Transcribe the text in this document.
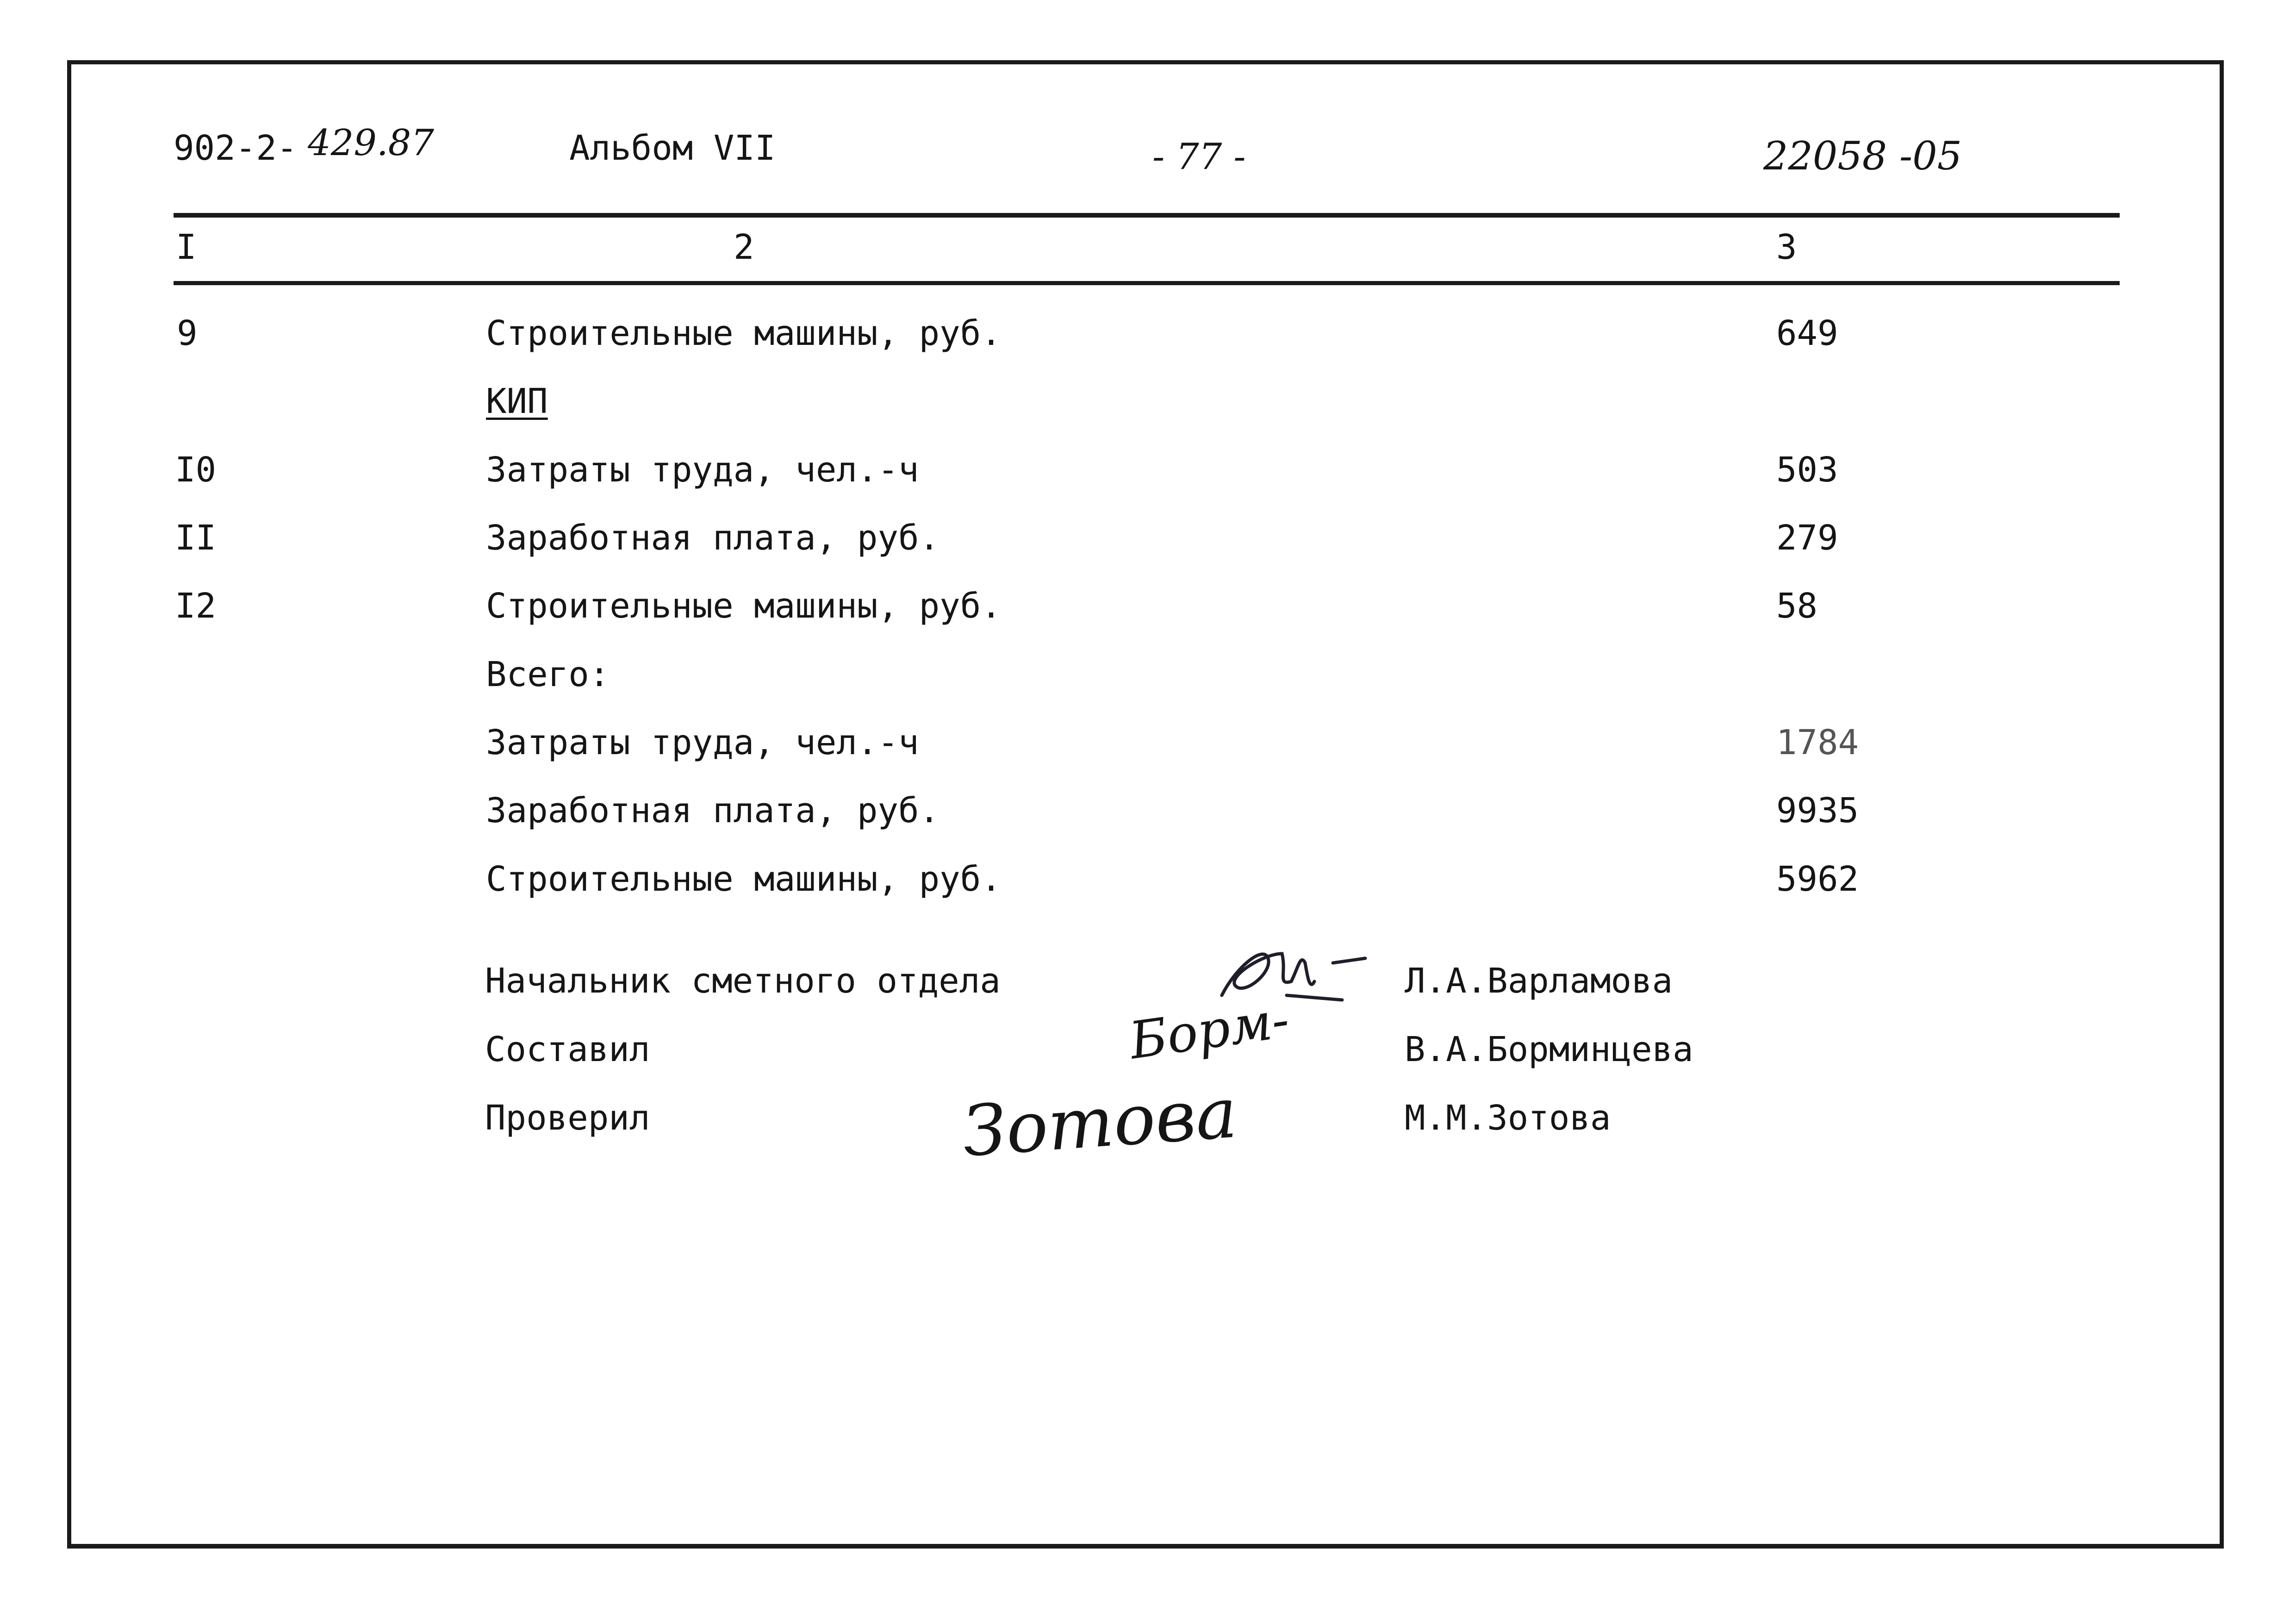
902-2- 429.87	Альбом VII	- 77 -	22058 -05
I	2	3
9	Строительные машины, руб.	649
КИП
I0	Затраты труда, чел.-ч	503
II	Заработная плата, руб.	279
I2	Строительные машины, руб.	58
Всего:
Затраты труда, чел.-ч	1784
Заработная плата, руб.	9935
Строительные машины, руб.	5962
Начальник сметного отдела	Л.А.Варламова
Составил	В.А.Борминцева
Проверил	М.М.Зотова
Борм-
Зотова
